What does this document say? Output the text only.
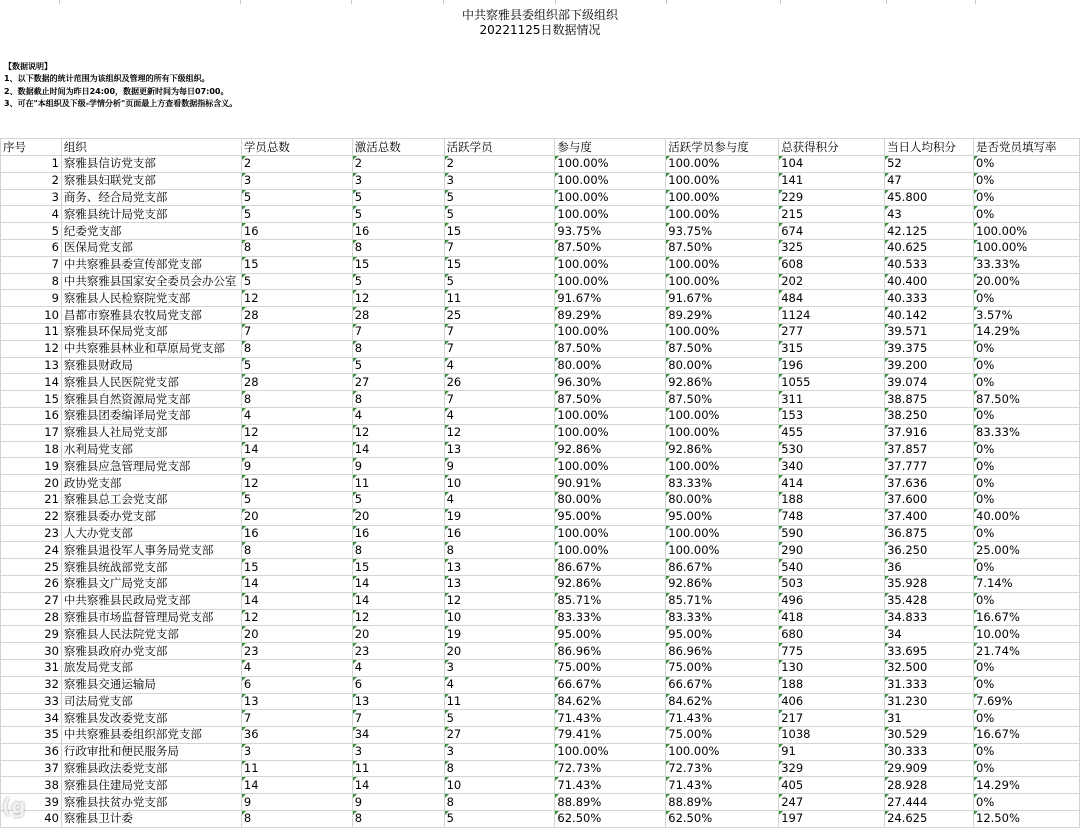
中共察雅县委组织部下级组织
20221125日数据情况
【数据说明】
1、以下数据的统计范围为该组织及管理的所有下级组织。
2、数据截止时间为昨日24:00，数据更新时间为每日07:00。
3、可在"本组织及下级-学情分析"页面最上方查看数据指标含义。
序号	组织	学员总数	激活总数	活跃学员	参与度	活跃学员参与度	总获得积分	当日人均积分	是否党员填写率
1	察雅县信访党支部	2	2	2	100.00%	100.00%	104	52	0%
2	察雅县妇联党支部	3	3	3	100.00%	100.00%	141	47	0%
3	商务、经合局党支部	5	5	5	100.00%	100.00%	229	45.800	0%
4	察雅县统计局党支部	5	5	5	100.00%	100.00%	215	43	0%
5	纪委党支部	16	16	15	93.75%	93.75%	674	42.125	100.00%
6	医保局党支部	8	8	7	87.50%	87.50%	325	40.625	100.00%
7	中共察雅县委宣传部党支部	15	15	15	100.00%	100.00%	608	40.533	33.33%
8	中共察雅县国家安全委员会办公室	5	5	5	100.00%	100.00%	202	40.400	20.00%
9	察雅县人民检察院党支部	12	12	11	91.67%	91.67%	484	40.333	0%
10	昌都市察雅县农牧局党支部	28	28	25	89.29%	89.29%	1124	40.142	3.57%
11	察雅县环保局党支部	7	7	7	100.00%	100.00%	277	39.571	14.29%
12	中共察雅县林业和草原局党支部	8	8	7	87.50%	87.50%	315	39.375	0%
13	察雅县财政局	5	5	4	80.00%	80.00%	196	39.200	0%
14	察雅县人民医院党支部	28	27	26	96.30%	92.86%	1055	39.074	0%
15	察雅县自然资源局党支部	8	8	7	87.50%	87.50%	311	38.875	87.50%
16	察雅县团委编译局党支部	4	4	4	100.00%	100.00%	153	38.250	0%
17	察雅县人社局党支部	12	12	12	100.00%	100.00%	455	37.916	83.33%
18	水利局党支部	14	14	13	92.86%	92.86%	530	37.857	0%
19	察雅县应急管理局党支部	9	9	9	100.00%	100.00%	340	37.777	0%
20	政协党支部	12	11	10	90.91%	83.33%	414	37.636	0%
21	察雅县总工会党支部	5	5	4	80.00%	80.00%	188	37.600	0%
22	察雅县委办党支部	20	20	19	95.00%	95.00%	748	37.400	40.00%
23	人大办党支部	16	16	16	100.00%	100.00%	590	36.875	0%
24	察雅县退役军人事务局党支部	8	8	8	100.00%	100.00%	290	36.250	25.00%
25	察雅县统战部党支部	15	15	13	86.67%	86.67%	540	36	0%
26	察雅县文广局党支部	14	14	13	92.86%	92.86%	503	35.928	7.14%
27	中共察雅县民政局党支部	14	14	12	85.71%	85.71%	496	35.428	0%
28	察雅县市场监督管理局党支部	12	12	10	83.33%	83.33%	418	34.833	16.67%
29	察雅县人民法院党支部	20	20	19	95.00%	95.00%	680	34	10.00%
30	察雅县政府办党支部	23	23	20	86.96%	86.96%	775	33.695	21.74%
31	旅发局党支部	4	4	3	75.00%	75.00%	130	32.500	0%
32	察雅县交通运输局	6	6	4	66.67%	66.67%	188	31.333	0%
33	司法局党支部	13	13	11	84.62%	84.62%	406	31.230	7.69%
34	察雅县发改委党支部	7	7	5	71.43%	71.43%	217	31	0%
35	中共察雅县委组织部党支部	36	34	27	79.41%	75.00%	1038	30.529	16.67%
36	行政审批和便民服务局	3	3	3	100.00%	100.00%	91	30.333	0%
37	察雅县政法委党支部	11	11	8	72.73%	72.73%	329	29.909	0%
38	察雅县住建局党支部	14	14	10	71.43%	71.43%	405	28.928	14.29%
39	察雅县扶贫办党支部	9	9	8	88.89%	88.89%	247	27.444	0%
40	察雅县卫计委	8	8	5	62.50%	62.50%	197	24.625	12.50%
(g
